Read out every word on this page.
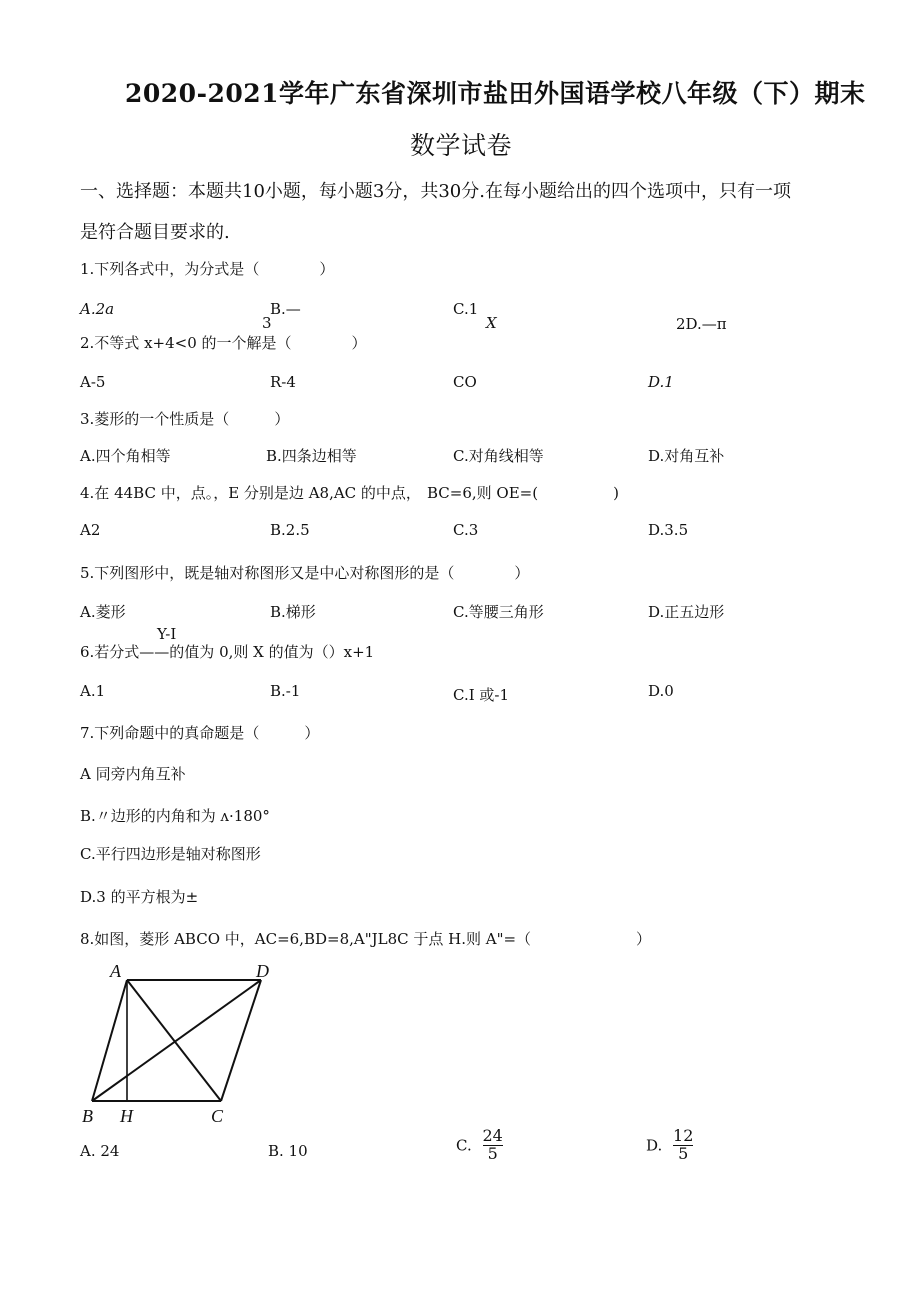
2020-2021学年广东省深圳市盐田外国语学校八年级（下）期末
数学试卷
一、选择题：本题共10小题，每小题3分，共30分.在每小题给出的四个选项中，只有一项
是符合题目要求的.
1.下列各式中，为分式是（　　　　）
A.2a	B.—
3
C.1
X	2D.—π
2.不等式 x+4<0 的一个解是（　　　　）
A-5	R-4	CO	D.1
3.菱形的一个性质是（　　　）
A.四个角相等	B.四条边相等	C.对角线相等	D.对角互补
4.在 44BC 中，点。，E 分别是边 A8,AC 的中点， BC=6,则 OE=(　　　　　)
A2	B.2.5	C.3	D.3.5
5.下列图形中，既是轴对称图形又是中心对称图形的是（　　　　）
A.菱形	B.梯形	C.等腰三角形	D.正五边形
Y-I
6.若分式——的值为 0,则 X 的值为（）x+1
A.1	B.-1	C.I 或-1	D.0
7.下列命题中的真命题是（　　　）
A 同旁内角互补
B.〃边形的内角和为 ʌ·180°
C.平行四边形是轴对称图形
D.3 的平方根为±
8.如图，菱形 ABCO 中，AC=6,BD=8,A"JL8C 于点 H.则 A"=（　　　　　　　）
A	D
B H	C
A. 24	B. 10	C. $\frac{24}{5}$	D. $\frac{12}{5}$
